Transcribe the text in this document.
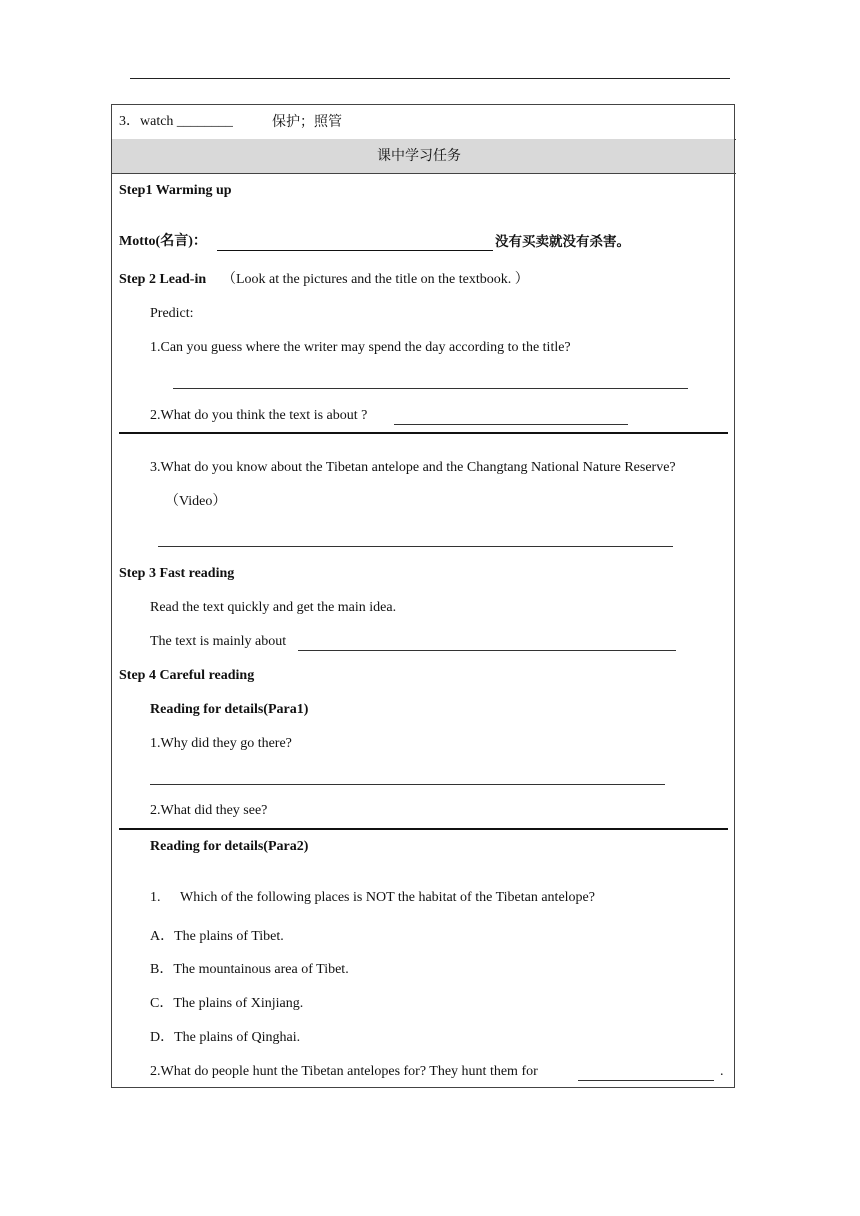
3．watch ________	保护；照管
课中学习任务
Step1 Warming up
Motto(名言)：	没有买卖就没有杀害。
Step 2 Lead-in （Look at the pictures and the title on the textbook. ）
Predict:
1.Can you guess where the writer may spend the day according to the title?
2.What do you think the text is about ?
3.What do you know about the Tibetan antelope and the Changtang National Nature Reserve?
（Video）
Step 3 Fast reading
Read the text quickly and get the main idea.
The text is mainly about
Step 4 Careful reading
Reading for details(Para1)
1.Why did they go there?
2.What did they see?
Reading for details(Para2)
1. Which of the following places is NOT the habitat of the Tibetan antelope?
A．The plains of Tibet.
B．The mountainous area of Tibet.
C．The plains of Xinjiang.
D．The plains of Qinghai.
2.What do people hunt the Tibetan antelopes for? They hunt them for	.
